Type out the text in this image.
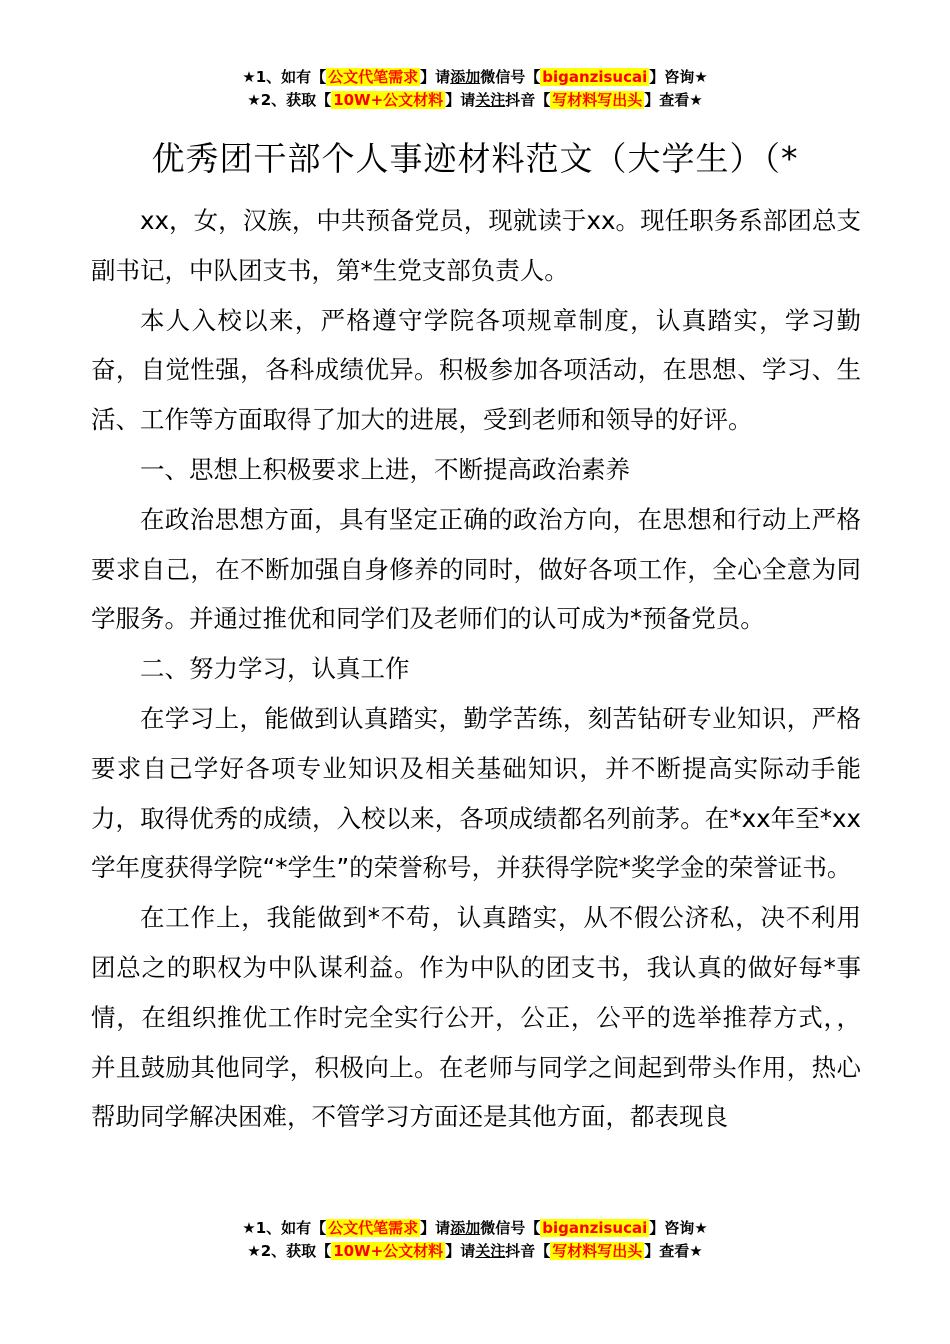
★1、如有【 公文代笔需求 】请添加微信号【 biganzisucai 】咨询★
★2、获取【 10W+公文材料 】请关注抖音【 写材料写出头 】查看★
优秀团干部个人事迹材料范文（大学生）（*

xx，女，汉族，中共预备党员，现就读于xx。现任职务系部团总支副书记，中队团支书，第*生党支部负责人。

本人入校以来，严格遵守学院各项规章制度，认真踏实，学习勤奋，自觉性强，各科成绩优异。积极参加各项活动，在思想、学习、生活、工作等方面取得了加大的进展，受到老师和领导的好评。

一、思想上积极要求上进，不断提高政治素养

在政治思想方面，具有坚定正确的政治方向，在思想和行动上严格要求自己，在不断加强自身修养的同时，做好各项工作，全心全意为同学服务。并通过推优和同学们及老师们的认可成为*预备党员。

二、努力学习，认真工作

在学习上，能做到认真踏实，勤学苦练，刻苦钻研专业知识，严格要求自己学好各项专业知识及相关基础知识，并不断提高实际动手能力，取得优秀的成绩，入校以来，各项成绩都名列前茅。在*xx年至*xx学年度获得学院“*学生”的荣誉称号，并获得学院*奖学金的荣誉证书。

在工作上，我能做到*不苟，认真踏实，从不假公济私，决不利用团总之的职权为中队谋利益。作为中队的团支书，我认真的做好每*事情，在组织推优工作时完全实行公开，公正，公平的选举推荐方式，，并且鼓励其他同学，积极向上。在老师与同学之间起到带头作用，热心帮助同学解决困难，不管学习方面还是其他方面，都表现良

★1、如有【 公文代笔需求 】请添加微信号【 biganzisucai 】咨询★
★2、获取【 10W+公文材料 】请关注抖音【 写材料写出头 】查看★
